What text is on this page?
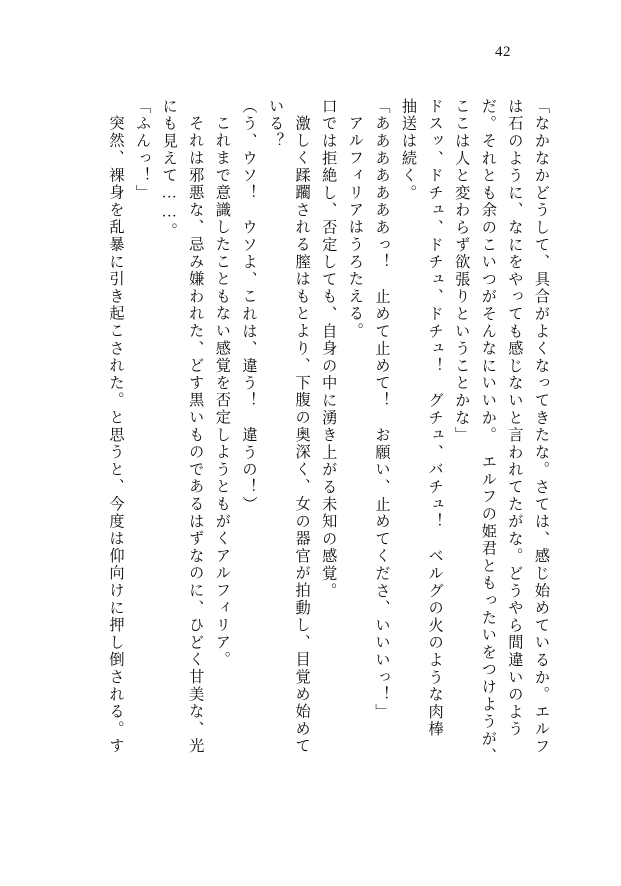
42
「なかなかどうして、具合がよくなってきたな。さては、感じ始めているか。エルフ
は石のように、なにをやっても感じないと言われてたがな。どうやら間違いのよう
だ。それとも余のこいつがそんなにいいか。　エルフの姫君ともったいをつけようが、
ここは人と変わらず欲張りということかな」
ドスッ、ドチュ、ドチュ、ドチュ！　グチュ、バチュ！　ベルグの火のような肉棒
抽送は続く。
「あああああああっ！　止めて止めて！　お願い、止めてくださ、いいいっ！」
アルフィリアはうろたえる。
口では拒絶し、否定しても、自身の中に湧き上がる未知の感覚。
激しく蹂躙される膣はもとより、下腹の奥深く、女の器官が拍動し、目覚め始めて
いる？
（う、ウソ！　ウソよ、これは、違う！　違うの！）
これまで意識したこともない感覚を否定しようともがくアルフィリア。
それは邪悪な、忌み嫌われた、どす黒いものであるはずなのに、ひどく甘美な、光
にも見えて……。
「ふんっ！」
突然、裸身を乱暴に引き起こされた。と思うと、今度は仰向けに押し倒される。す
